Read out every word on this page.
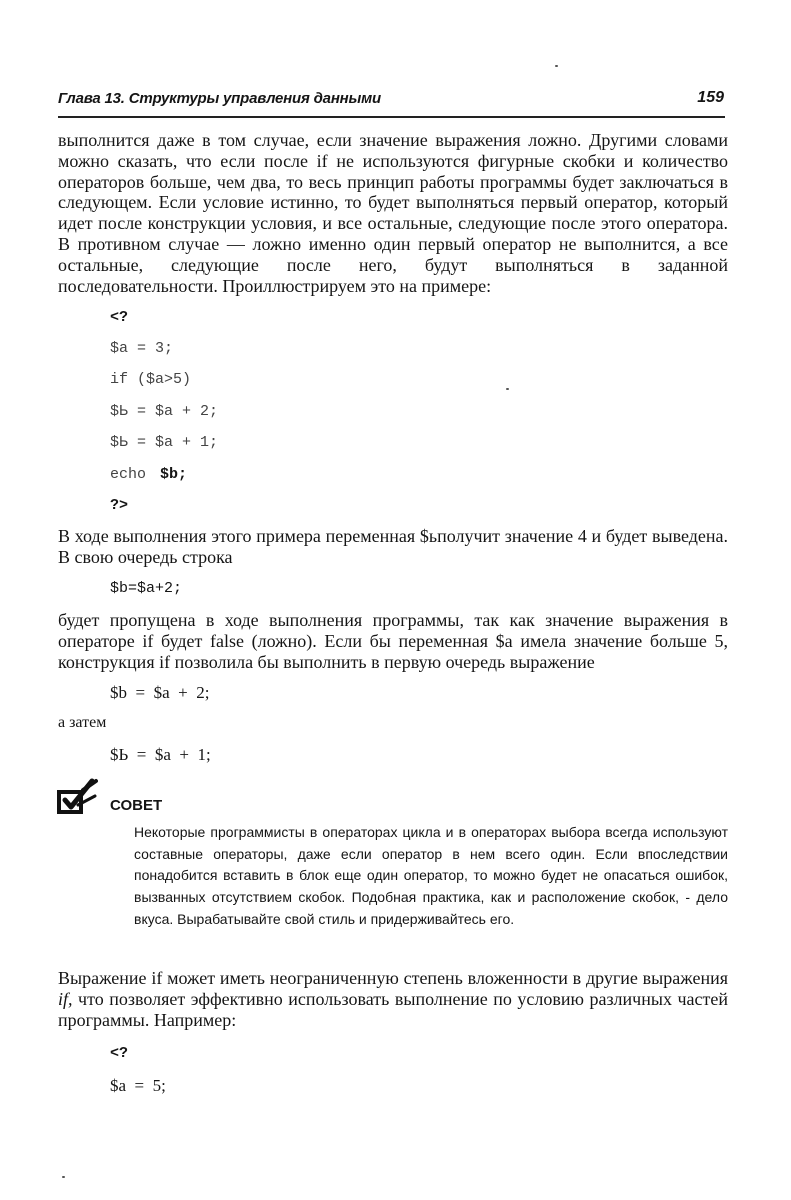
Глава 13. Структуры управления данными	159

выполнится даже в том случае, если значение выражения ложно. Другими словами можно сказать, что если после if не используются фигурные скобки и количество операторов больше, чем два, то весь принцип работы программы будет заключаться в следующем. Если условие истинно, то будет выполняться первый оператор, который идет после конструкции условия, и все остальные, следующие после этого оператора. В противном случае — ложно именно один первый оператор не выполнится, а все остальные, следующие после него, будут выполняться в заданной последовательности. Проиллюстрируем это на примере:

<?
$a = 3;
if ($a>5)
$Ь = $a + 2;
$Ь = $a + 1;
echo $b;
?>

В ходе выполнения этого примера переменная $ьполучит значение 4 и будет выведена. В свою очередь строка

$b=$a+2;

будет пропущена в ходе выполнения программы, так как значение выражения в операторе if будет false (ложно). Если бы переменная $a имела значение больше 5, конструкция if позволила бы выполнить в первую очередь выражение

$b  =  $a  +  2;

а затем

$Ь  =  $a  +  1;
СОВЕТ

Некоторые программисты в операторах цикла и в операторах выбора всегда используют составные операторы, даже если оператор в нем всего один. Если впоследствии понадобится вставить в блок еще один оператор, то можно будет не опасаться ошибок, вызванных отсутствием скобок. Подобная практика, как и расположение скобок, - дело вкуса. Вырабатывайте свой стиль и придерживайтесь его.

Выражение if может иметь неограниченную степень вложенности в другие выражения if, что позволяет эффективно использовать выполнение по условию различных частей программы. Например:

<?
$a  =  5;
